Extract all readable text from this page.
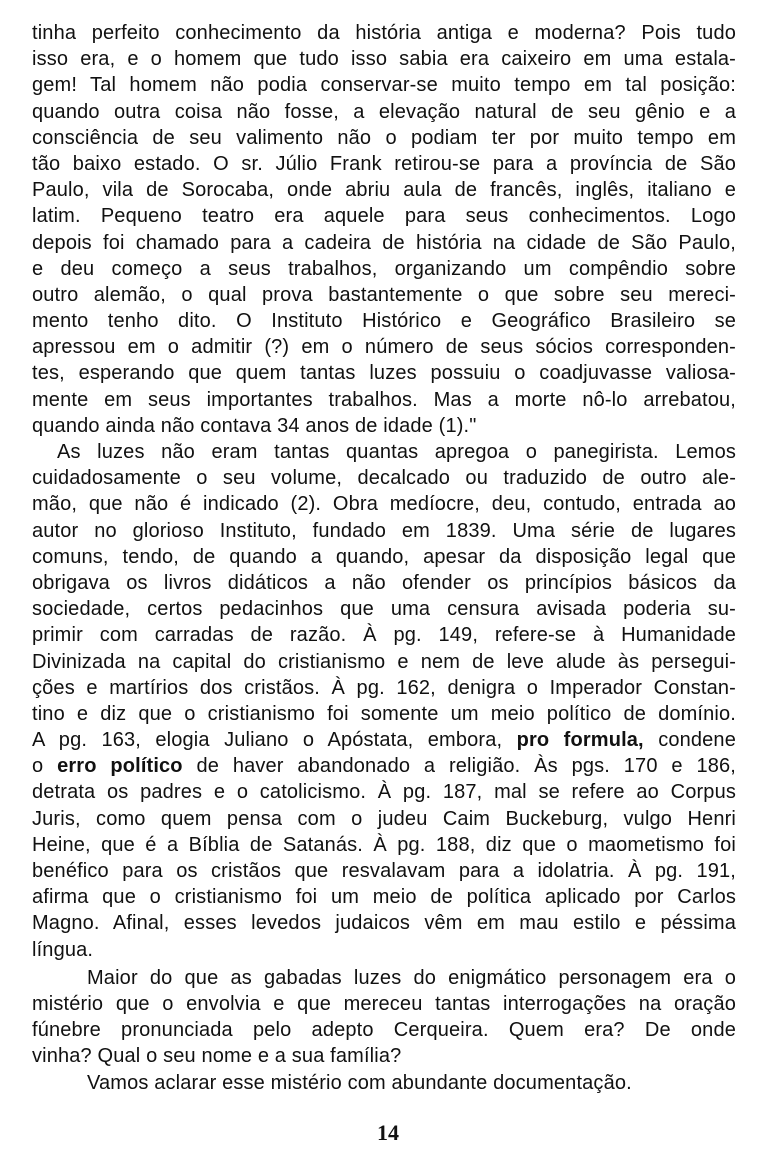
tinha perfeito conhecimento da história antiga e moderna? Pois tudo
isso era, e o homem que tudo isso sabia era caixeiro em uma estala-
gem! Tal homem não podia conservar-se muito tempo em tal posição:
quando outra coisa não fosse, a elevação natural de seu gênio e a
consciência de seu valimento não o podiam ter por muito tempo em
tão baixo estado. O sr. Júlio Frank retirou-se para a província de São
Paulo, vila de Sorocaba, onde abriu aula de francês, inglês, italiano e
latim. Pequeno teatro era aquele para seus conhecimentos. Logo
depois foi chamado para a cadeira de história na cidade de São Paulo,
e deu começo a seus trabalhos, organizando um compêndio sobre
outro alemão, o qual prova bastantemente o que sobre seu mereci-
mento tenho dito. O Instituto Histórico e Geográfico Brasileiro se
apressou em o admitir (?) em o número de seus sócios corresponden-
tes, esperando que quem tantas luzes possuiu o coadjuvasse valiosa-
mente em seus importantes trabalhos. Mas a morte nô-lo arrebatou,
quando ainda não contava 34 anos de idade (1)."
As luzes não eram tantas quantas apregoa o panegirista. Lemos
cuidadosamente o seu volume, decalcado ou traduzido de outro ale-
mão, que não é indicado (2). Obra medíocre, deu, contudo, entrada ao
autor no glorioso Instituto, fundado em 1839. Uma série de lugares
comuns, tendo, de quando a quando, apesar da disposição legal que
obrigava os livros didáticos a não ofender os princípios básicos da
sociedade, certos pedacinhos que uma censura avisada poderia su-
primir com carradas de razão. À pg. 149, refere-se à Humanidade
Divinizada na capital do cristianismo e nem de leve alude às persegui-
ções e martírios dos cristãos. À pg. 162, denigra o Imperador Constan-
tino e diz que o cristianismo foi somente um meio político de domínio.
A pg. 163, elogia Juliano o Apóstata, embora, pro formula, condene
o erro político de haver abandonado a religião. Às pgs. 170 e 186,
detrata os padres e o catolicismo. À pg. 187, mal se refere ao Corpus
Juris, como quem pensa com o judeu Caim Buckeburg, vulgo Henri
Heine, que é a Bíblia de Satanás. À pg. 188, diz que o maometismo foi
benéfico para os cristãos que resvalavam para a idolatria. À pg. 191,
afirma que o cristianismo foi um meio de política aplicado por Carlos
Magno. Afinal, esses levedos judaicos vêm em mau estilo e péssima
língua.
Maior do que as gabadas luzes do enigmático personagem era o
mistério que o envolvia e que mereceu tantas interrogações na oração
fúnebre pronunciada pelo adepto Cerqueira. Quem era? De onde
vinha? Qual o seu nome e a sua família?
Vamos aclarar esse mistério com abundante documentação.
14
